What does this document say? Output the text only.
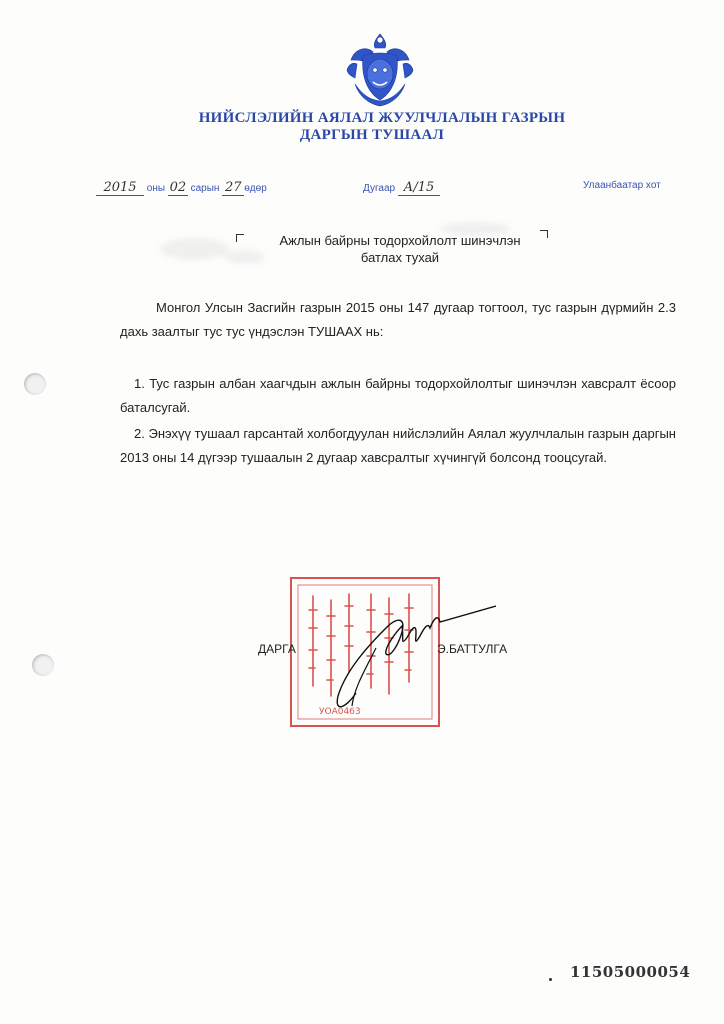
НИЙСЛЭЛИЙН АЯЛАЛ ЖУУЛЧЛАЛЫН ГАЗРЫН
ДАРГЫН ТУШААЛ
2015 оны 02 сарын 27 өдөр	Дугаар А/15	Улаанбаатар хот
Ажлын байрны тодорхойлолт шинэчлэн
батлах тухай
Монгол Улсын Засгийн газрын 2015 оны 147 дугаар тогтоол, тус газрын дүрмийн 2.3 дахь заалтыг тус тус үндэслэн ТУШААХ нь:
1. Тус газрын албан хаагчдын ажлын байрны тодорхойлолтыг шинэчлэн хавсралт ёсоор баталсугай.
2. Энэхүү тушаал гарсантай холбогдуулан нийслэлийн Аялал жуулчлалын газрын даргын 2013 оны 14 дүгээр тушаалын 2 дугаар хавсралтыг хүчингүй болсонд тооцсугай.
УОА0463
ДАРГА	Э.БАТТУЛГА
11505000054
